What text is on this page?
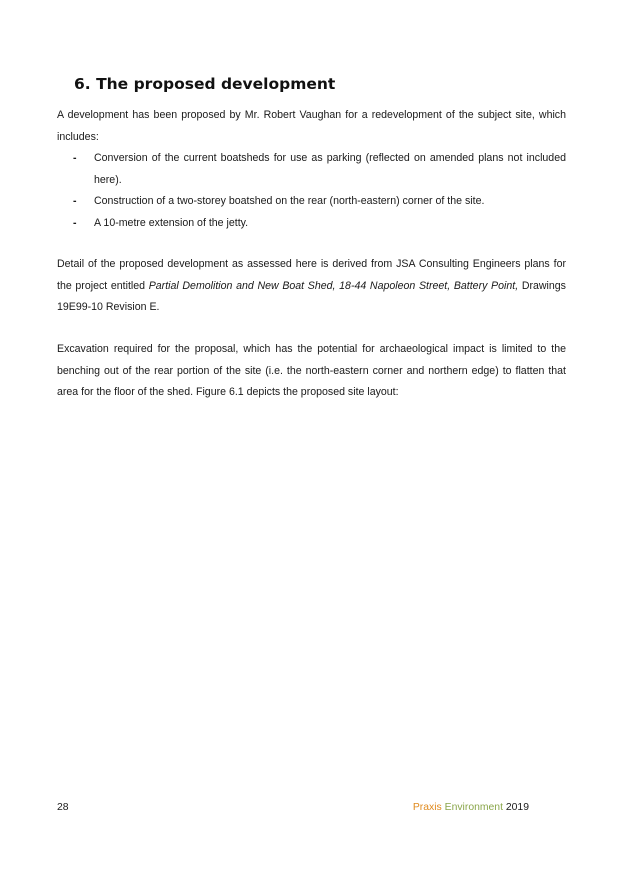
6. The proposed development

A development has been proposed by Mr. Robert Vaughan for a redevelopment of the subject site, which includes:

- Conversion of the current boatsheds for use as parking (reflected on amended plans not included here).
- Construction of a two-storey boatshed on the rear (north-eastern) corner of the site.
- A 10-metre extension of the jetty.

Detail of the proposed development as assessed here is derived from JSA Consulting Engineers plans for the project entitled Partial Demolition and New Boat Shed, 18-44 Napoleon Street, Battery Point, Drawings 19E99-10 Revision E.

Excavation required for the proposal, which has the potential for archaeological impact is limited to the benching out of the rear portion of the site (i.e. the north-eastern corner and northern edge) to flatten that area for the floor of the shed. Figure 6.1 depicts the proposed site layout:

28	Praxis Environment 2019
